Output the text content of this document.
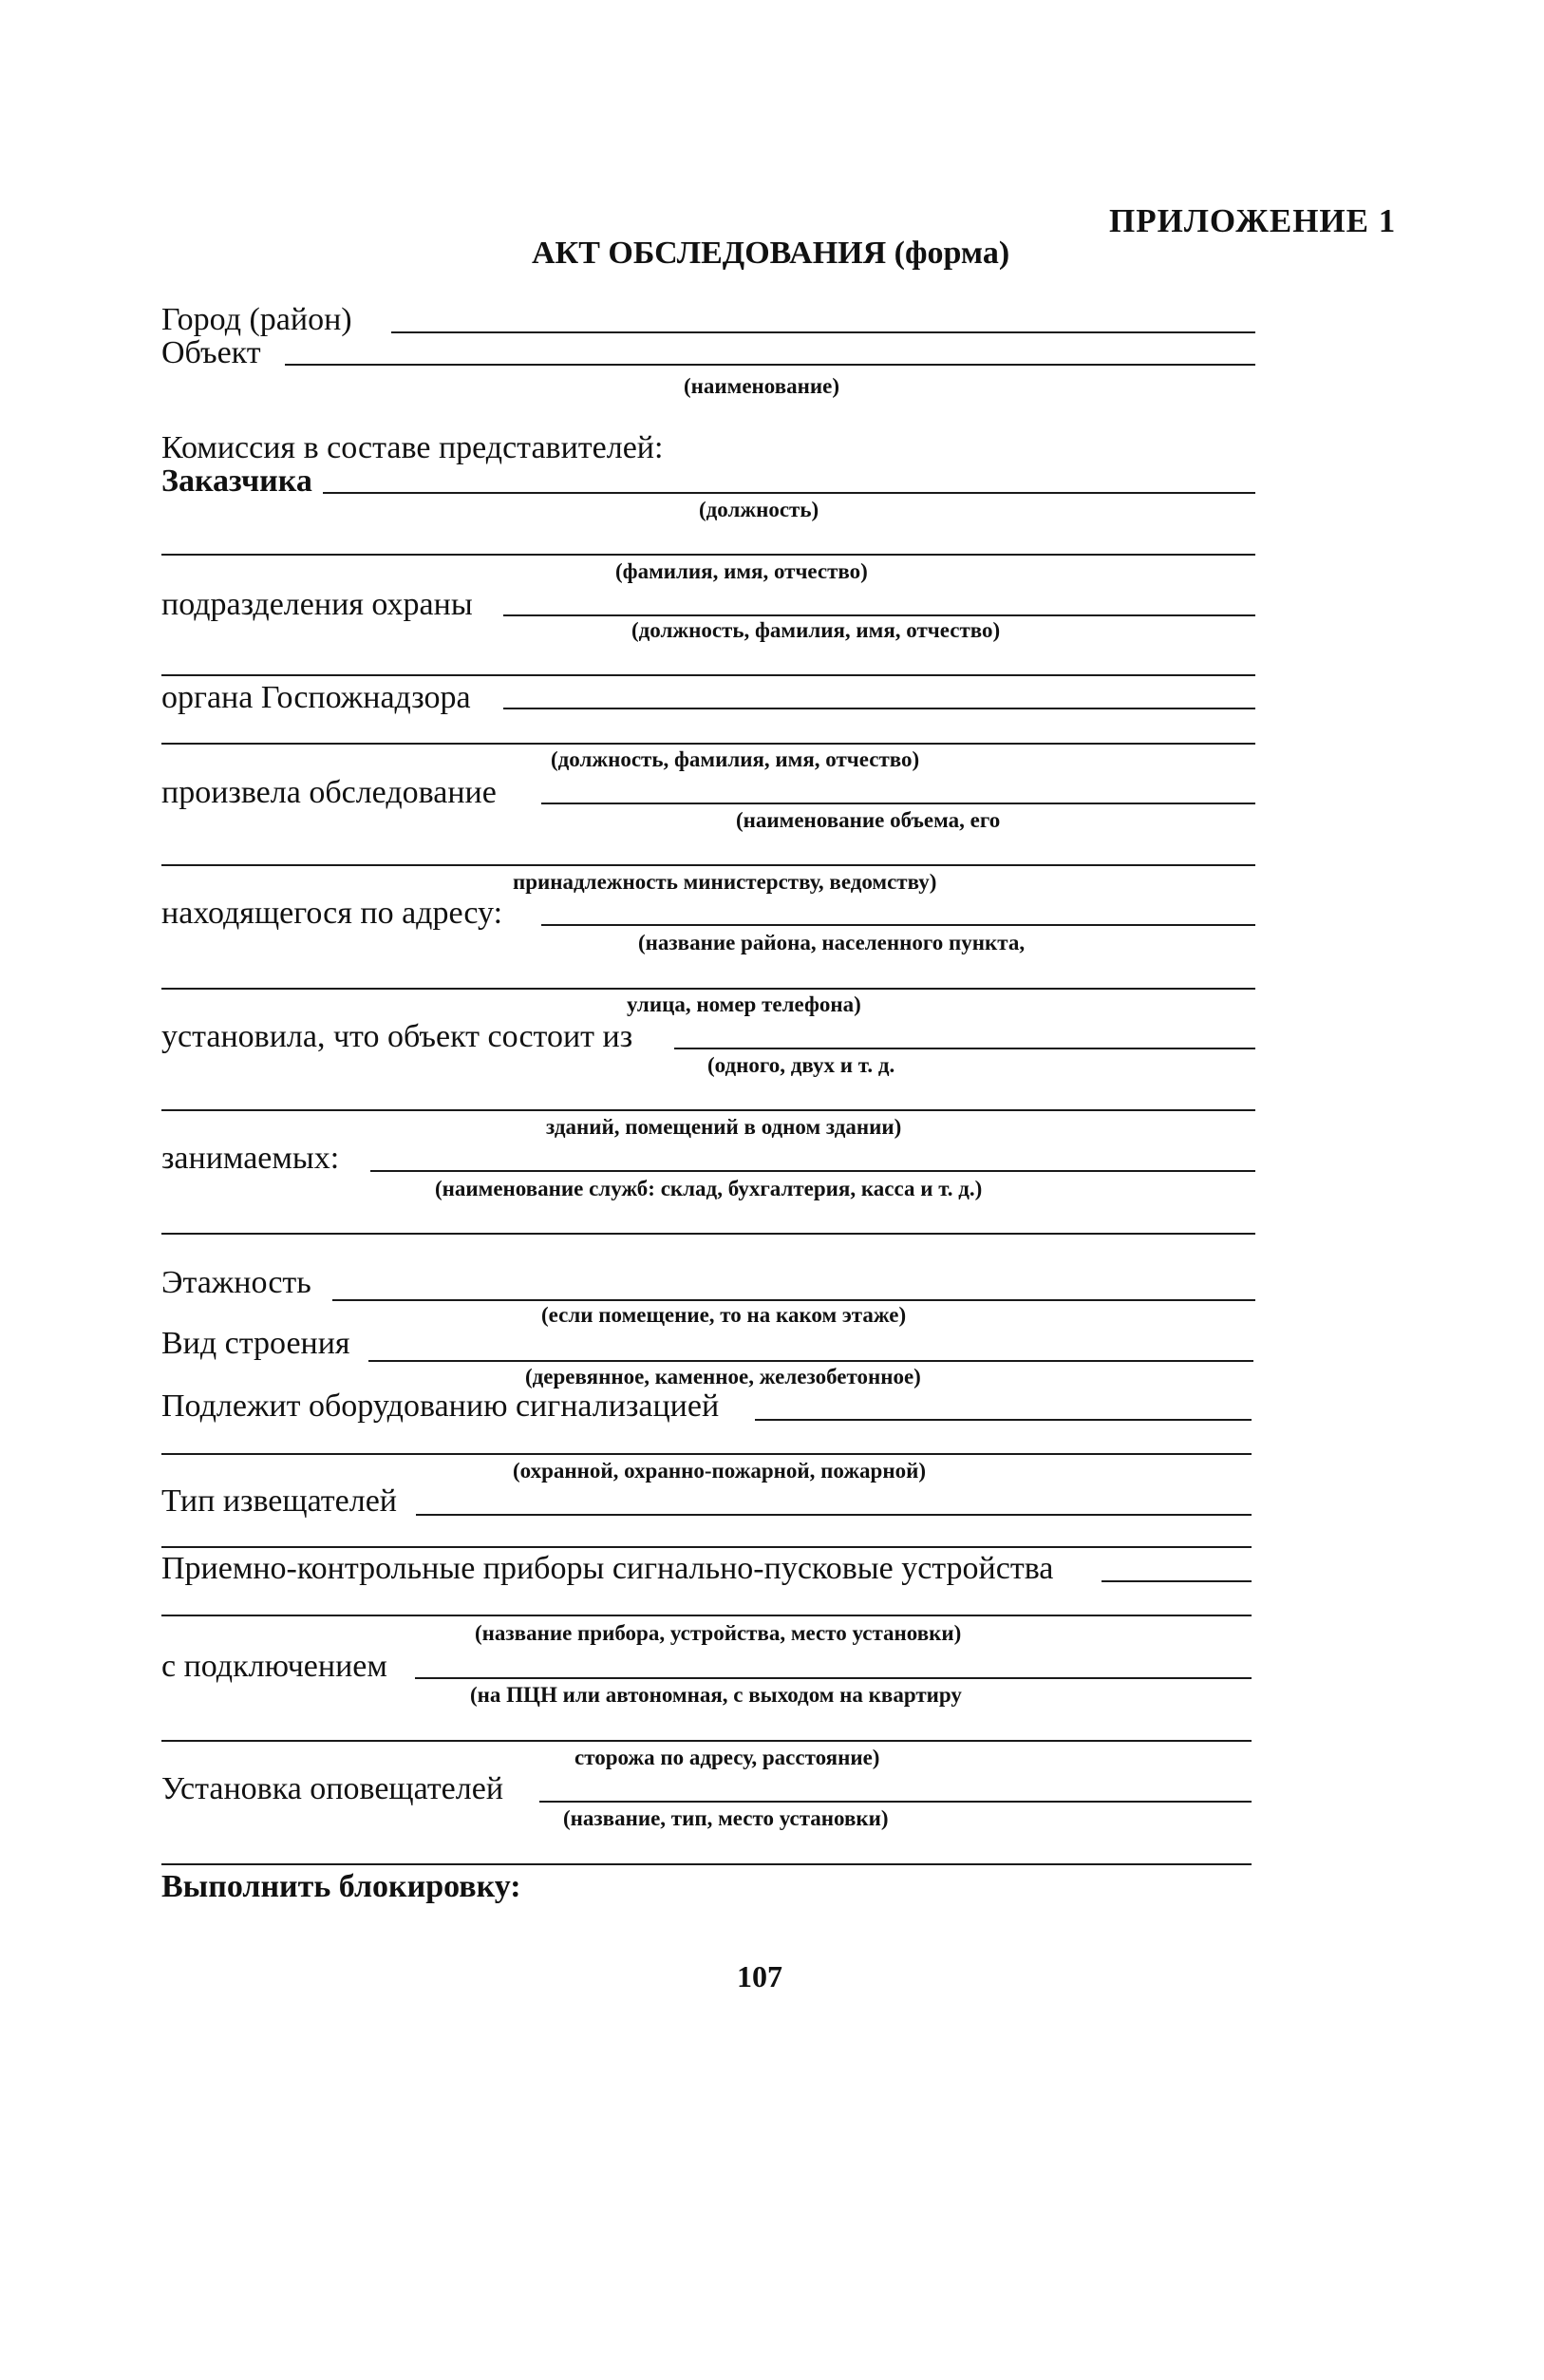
ПРИЛОЖЕНИЕ 1
АКТ ОБСЛЕДОВАНИЯ (форма)
Город (район)
Объект
(наименование)
Комиссия в составе представителей:
Заказчика
(должность)
(фамилия, имя, отчество)
подразделения охраны
(должность, фамилия, имя, отчество)
органа Госпожнадзора
(должность, фамилия, имя, отчество)
произвела обследование
(наименование объема, его
принадлежность министерству, ведомству)
находящегося по адресу:
(название района, населенного пункта,
улица, номер телефона)
установила, что объект состоит из
(одного, двух и т. д.
зданий, помещений в одном здании)
занимаемых:
(наименование служб: склад, бухгалтерия, касса и т. д.)
Этажность
(если помещение, то на каком этаже)
Вид строения
(деревянное, каменное, железобетонное)
Подлежит оборудованию сигнализацией
(охранной, охранно-пожарной, пожарной)
Тип извещателей
Приемно-контрольные приборы сигнально-пусковые устройства
(название прибора, устройства, место установки)
с подключением
(на ПЦН или автономная, с выходом на квартиру
сторожа по адресу, расстояние)
Установка оповещателей
(название, тип, место установки)
Выполнить блокировку:
107
